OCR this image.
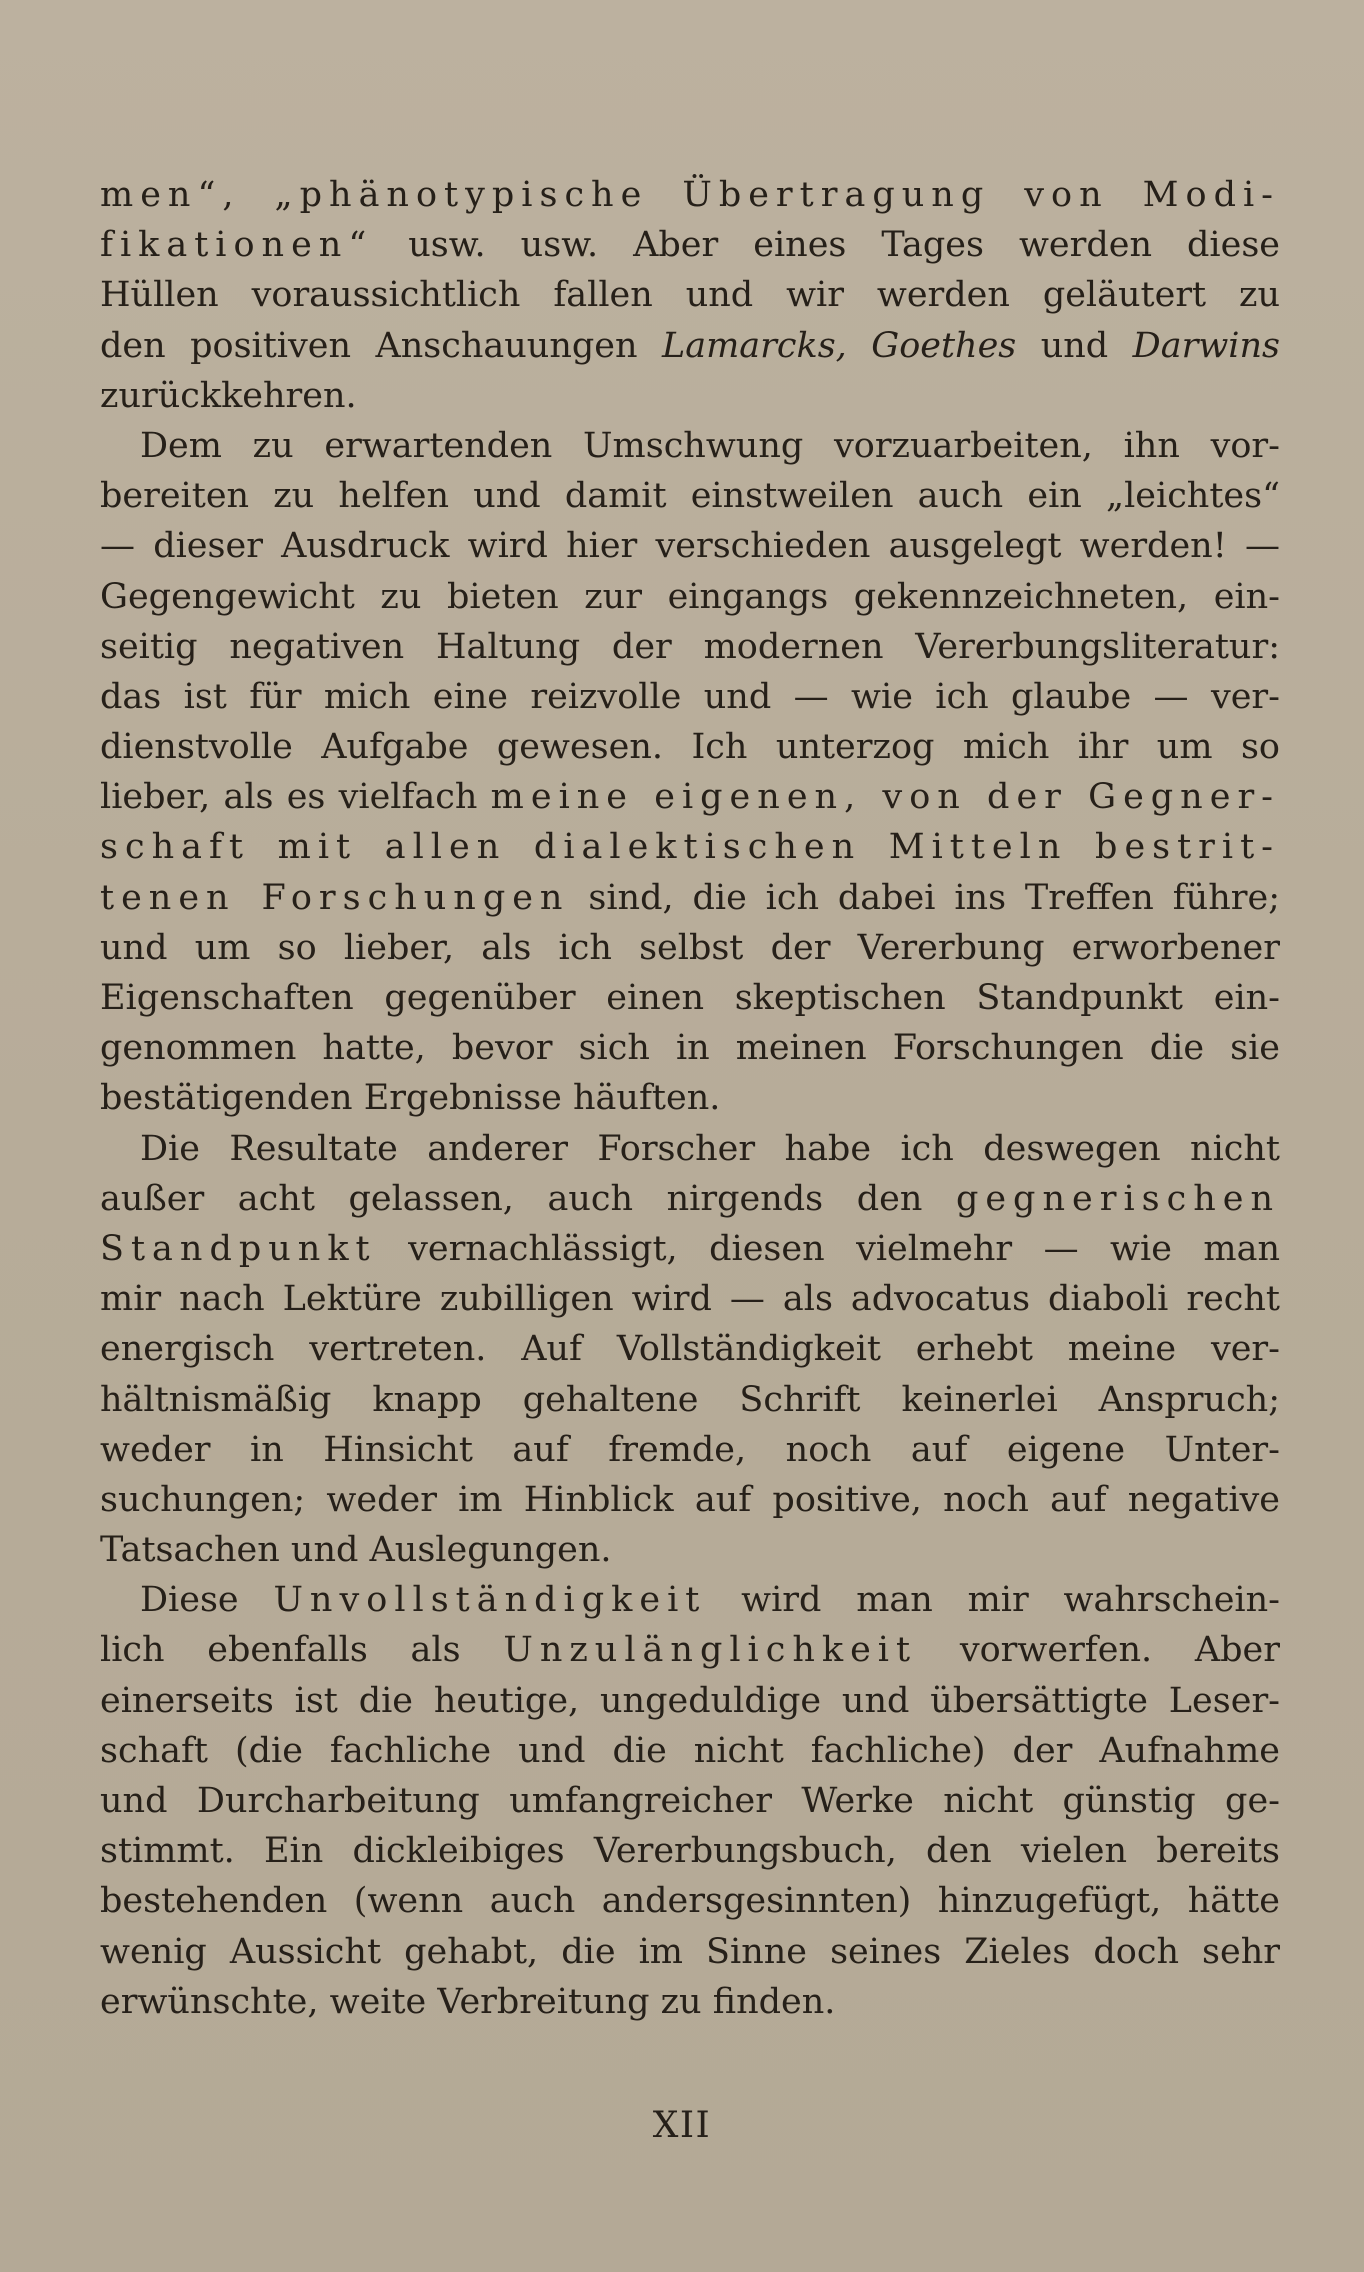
men“, „phänotypische Übertragung von Modi-
fikationen“ usw. usw. Aber eines Tages werden diese
Hüllen voraussichtlich fallen und wir werden geläutert zu
den positiven Anschauungen Lamarcks, Goethes und Darwins
zurückkehren.
Dem zu erwartenden Umschwung vorzuarbeiten, ihn vor-
bereiten zu helfen und damit einstweilen auch ein „leichtes“
— dieser Ausdruck wird hier verschieden ausgelegt werden! —
Gegengewicht zu bieten zur eingangs gekennzeichneten, ein-
seitig negativen Haltung der modernen Vererbungsliteratur:
das ist für mich eine reizvolle und — wie ich glaube — ver-
dienstvolle Aufgabe gewesen. Ich unterzog mich ihr um so
lieber, als es vielfach meine eigenen, von der Gegner-
schaft mit allen dialektischen Mitteln bestrit-
tenen Forschungen sind, die ich dabei ins Treffen führe;
und um so lieber, als ich selbst der Vererbung erworbener
Eigenschaften gegenüber einen skeptischen Standpunkt ein-
genommen hatte, bevor sich in meinen Forschungen die sie
bestätigenden Ergebnisse häuften.
Die Resultate anderer Forscher habe ich deswegen nicht
außer acht gelassen, auch nirgends den gegnerischen
Standpunkt vernachlässigt, diesen vielmehr — wie man
mir nach Lektüre zubilligen wird — als advocatus diaboli recht
energisch vertreten. Auf Vollständigkeit erhebt meine ver-
hältnismäßig knapp gehaltene Schrift keinerlei Anspruch;
weder in Hinsicht auf fremde, noch auf eigene Unter-
suchungen; weder im Hinblick auf positive, noch auf negative
Tatsachen und Auslegungen.
Diese Unvollständigkeit wird man mir wahrschein-
lich ebenfalls als Unzulänglichkeit vorwerfen. Aber
einerseits ist die heutige, ungeduldige und übersättigte Leser-
schaft (die fachliche und die nicht fachliche) der Aufnahme
und Durcharbeitung umfangreicher Werke nicht günstig ge-
stimmt. Ein dickleibiges Vererbungsbuch, den vielen bereits
bestehenden (wenn auch andersgesinnten) hinzugefügt, hätte
wenig Aussicht gehabt, die im Sinne seines Zieles doch sehr
erwünschte, weite Verbreitung zu finden.
XII
